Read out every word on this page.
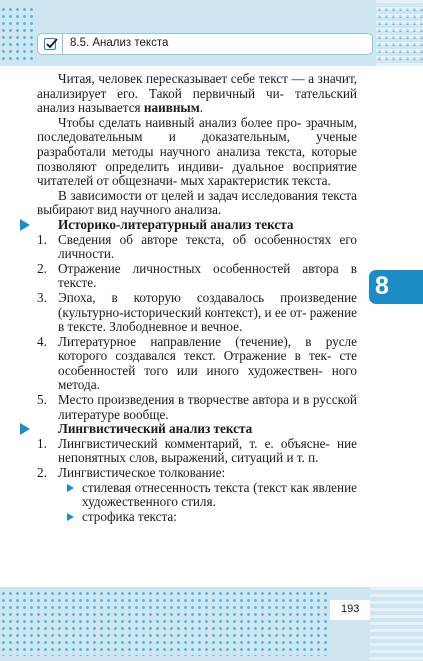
8.5. Анализ текста
8

Читая, человек пересказывает себе текст — а значит, анализирует его. Такой первичный чи- тательский анализ называется наивным.

Чтобы сделать наивный анализ более про- зрачным, последовательным и доказательным, ученые разработали методы научного анализа текста, которые позволяют определить индиви- дуальное восприятие читателей от общезначи- мых характеристик текста.

В зависимости от целей и задач исследования текста выбирают вид научного анализа.

Историко-литературный анализ текста

1. Сведения об авторе текста, об особенностях его личности.
2. Отражение личностных особенностей автора в тексте.
3. Эпоха, в которую создавалось произведение (культурно-исторический контекст), и ее от- ражение в тексте. Злободневное и вечное.
4. Литературное направление (течение), в русле которого создавался текст. Отражение в тек- сте особенностей того или иного художествен- ного метода.
5. Место произведения в творчестве автора и в русской литературе вообще.

Лингвистический анализ текста

1. Лингвистический комментарий, т. е. объясне- ние непонятных слов, выражений, ситуаций и т. п.
2. Лингвистическое толкование:
стилевая отнесенность текста (текст как явление художественного стиля.
строфика текста:
193
